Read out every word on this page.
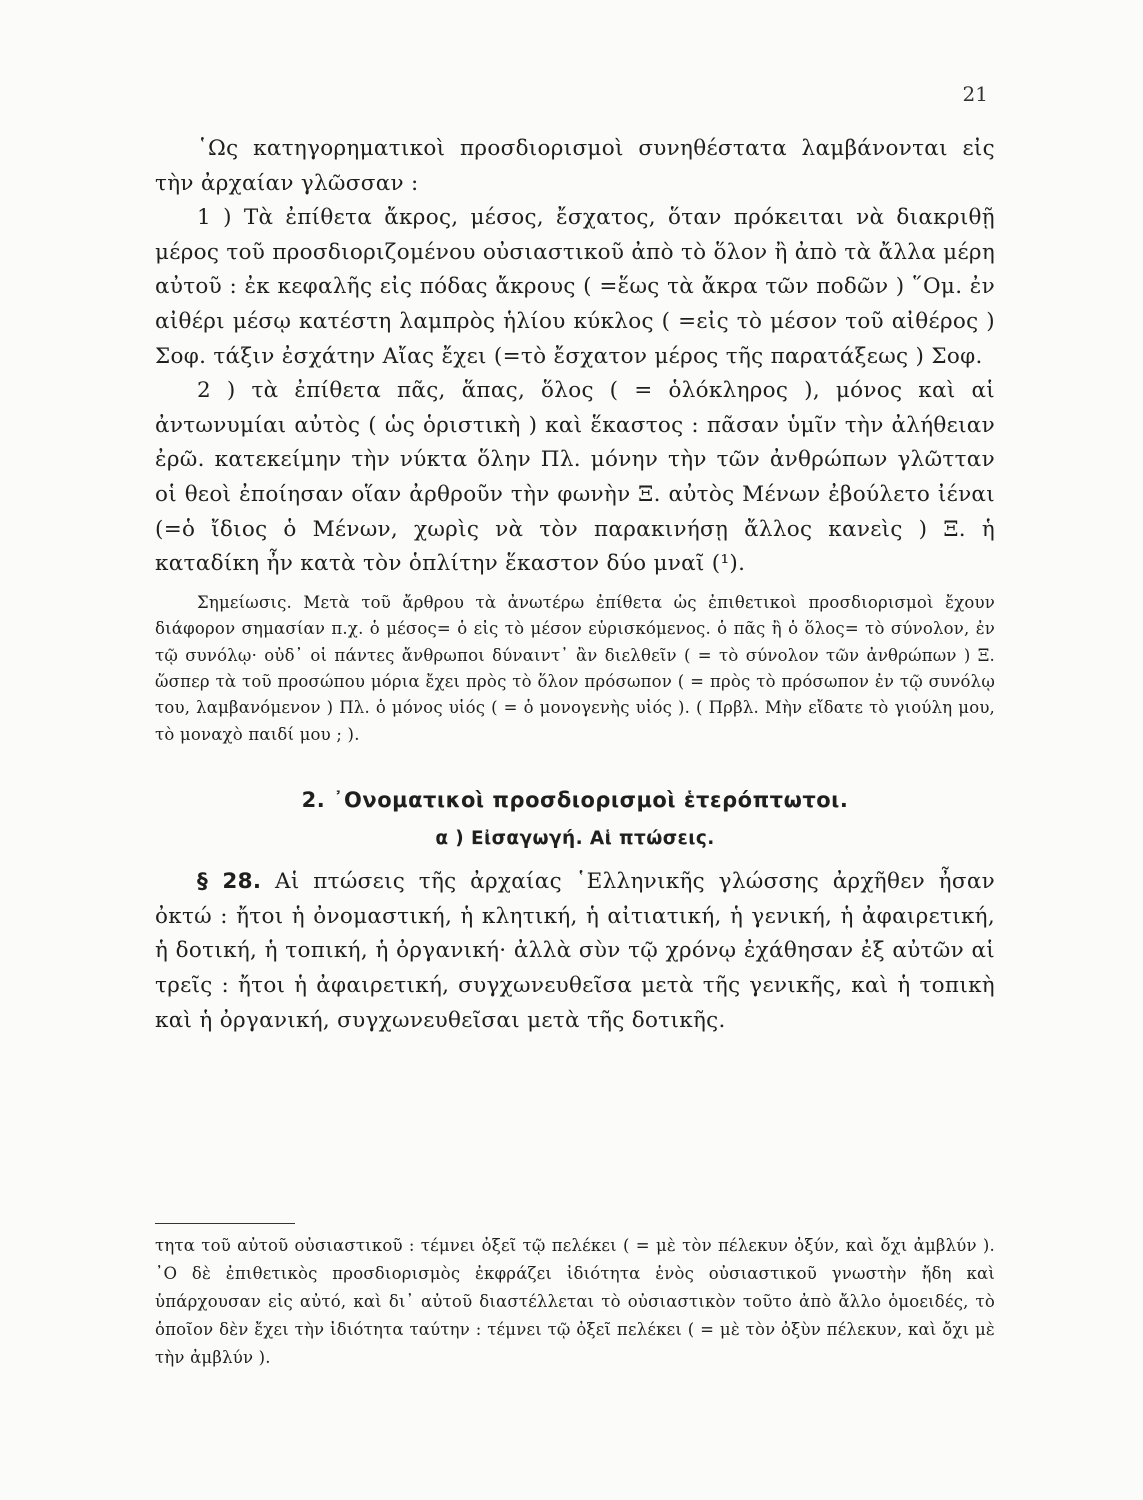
21

῾Ως κατηγορηματικοὶ προσδιορισμοὶ συνηθέστατα λαμβάνονται εἰς τὴν ἀρχαίαν γλῶσσαν :

1 ) Τὰ ἐπίθετα ἄκρος, μέσος, ἔσχατος, ὅταν πρόκειται νὰ διακριθῇ μέρος τοῦ προσδιοριζομένου οὐσιαστικοῦ ἀπὸ τὸ ὅλον ἢ ἀπὸ τὰ ἄλλα μέρη αὐτοῦ : ἐκ κεφαλῆς εἰς πόδας ἄκρους ( =ἕως τὰ ἄκρα τῶν ποδῶν ) ῞Ομ. ἐν αἰθέρι μέσῳ κατέστη λαμπρὸς ἡλίου κύκλος ( =εἰς τὸ μέσον τοῦ αἰθέρος ) Σοφ. τάξιν ἐσχάτην Αἴας ἔχει (=τὸ ἔσχατον μέρος τῆς παρατάξεως ) Σοφ.

2 ) τὰ ἐπίθετα πᾶς, ἅπας, ὅλος ( = ὁλόκληρος ), μόνος καὶ αἱ ἀντωνυμίαι αὐτὸς ( ὡς ὁριστικὴ ) καὶ ἕκαστος : πᾶσαν ὑμῖν τὴν ἀλήθειαν ἐρῶ. κατεκείμην τὴν νύκτα ὅλην Πλ. μόνην τὴν τῶν ἀνθρώπων γλῶτταν οἱ θεοὶ ἐποίησαν οἵαν ἀρθροῦν τὴν φωνὴν Ξ. αὐτὸς Μένων ἐβούλετο ἰέναι (=ὁ ἴδιος ὁ Μένων, χωρὶς νὰ τὸν παρακινήσῃ ἄλλος κανεὶς ) Ξ. ἡ καταδίκη ἦν κατὰ τὸν ὁπλίτην ἕκαστον δύο μναῖ (¹).

Σημείωσις. Μετὰ τοῦ ἄρθρου τὰ ἀνωτέρω ἐπίθετα ὡς ἐπιθετικοὶ προσδιορισμοὶ ἔχουν διάφορον σημασίαν π.χ. ὁ μέσος= ὁ εἰς τὸ μέσον εὑρισκόμενος. ὁ πᾶς ἢ ὁ ὅλος= τὸ σύνολον, ἐν τῷ συνόλῳ· οὐδ᾽ οἱ πάντες ἄνθρωποι δύναιντ᾽ ἂν διελθεῖν ( = τὸ σύνολον τῶν ἀνθρώπων ) Ξ. ὥσπερ τὰ τοῦ προσώπου μόρια ἔχει πρὸς τὸ ὅλον πρόσωπον ( = πρὸς τὸ πρόσωπον ἐν τῷ συνόλῳ του, λαμβανόμενον ) Πλ. ὁ μόνος υἱός ( = ὁ μονογενὴς υἱός ). ( Πρβλ. Μὴν εἴδατε τὸ γιούλη μου, τὸ μοναχὸ παιδί μου ; ).

2. ᾿Ονοματικοὶ προσδιορισμοὶ ἑτερόπτωτοι.
α ) Εἰσαγωγή. Αἱ πτώσεις.

§ 28. Αἱ πτώσεις τῆς ἀρχαίας ῾Ελληνικῆς γλώσσης ἀρχῆθεν ἦσαν ὀκτώ : ἤτοι ἡ ὀνομαστική, ἡ κλητική, ἡ αἰτιατική, ἡ γενική, ἡ ἀφαιρετική, ἡ δοτική, ἡ τοπική, ἡ ὀργανική· ἀλλὰ σὺν τῷ χρόνῳ ἐχάθησαν ἐξ αὐτῶν αἱ τρεῖς : ἤτοι ἡ ἀφαιρετική, συγχωνευθεῖσα μετὰ τῆς γενικῆς, καὶ ἡ τοπικὴ καὶ ἡ ὀργανική, συγχωνευθεῖσαι μετὰ τῆς δοτικῆς.

τητα τοῦ αὐτοῦ οὐσιαστικοῦ : τέμνει ὀξεῖ τῷ πελέκει ( = μὲ τὸν πέλεκυν ὀξύν, καὶ ὄχι ἀμβλύν ). ᾿Ο δὲ ἐπιθετικὸς προσδιορισμὸς ἐκφράζει ἰδιότητα ἑνὸς οὐσιαστικοῦ γνωστὴν ἤδη καὶ ὑπάρχουσαν εἰς αὐτό, καὶ δι᾽ αὐτοῦ διαστέλλεται τὸ οὐσιαστικὸν τοῦτο ἀπὸ ἄλλο ὁμοειδές, τὸ ὁποῖον δὲν ἔχει τὴν ἰδιότητα ταύτην : τέμνει τῷ ὀξεῖ πελέκει ( = μὲ τὸν ὀξὺν πέλεκυν, καὶ ὄχι μὲ τὴν ἀμβλύν ).
